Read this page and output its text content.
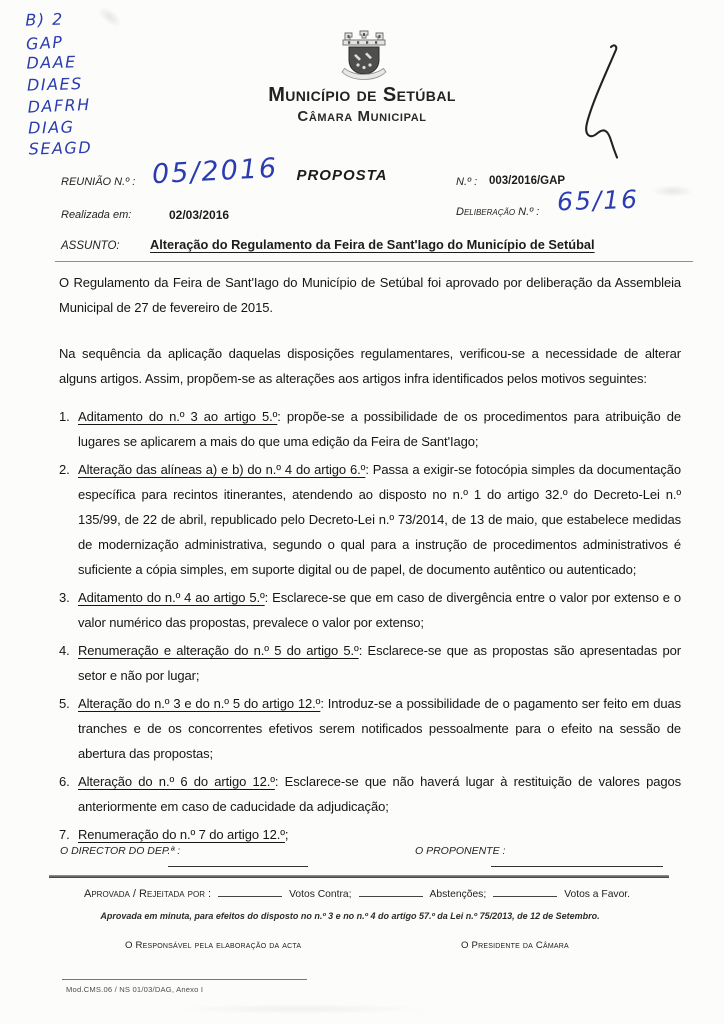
B) 2
GAP
DAAE
DIAES
DAFRH
DIAG
SEAGD
Município de Setúbal
Câmara Municipal
REUNIÃO N.º : 05/2016	PROPOSTA	N.º : 003/2016/GAP
Realizada em:	02/03/2016	Deliberação N.º : 65/16
ASSUNTO: Alteração do Regulamento da Feira de Sant'Iago do Município de Setúbal

O Regulamento da Feira de Sant'Iago do Município de Setúbal foi aprovado por deliberação da Assembleia Municipal de 27 de fevereiro de 2015.

Na sequência da aplicação daquelas disposições regulamentares, verificou-se a necessidade de alterar alguns artigos. Assim, propõem-se as alterações aos artigos infra identificados pelos motivos seguintes:

1. Aditamento do n.º 3 ao artigo 5.º: propõe-se a possibilidade de os procedimentos para atribuição de lugares se aplicarem a mais do que uma edição da Feira de Sant'Iago;
2. Alteração das alíneas a) e b) do n.º 4 do artigo 6.º: Passa a exigir-se fotocópia simples da documentação específica para recintos itinerantes, atendendo ao disposto no n.º 1 do artigo 32.º do Decreto-Lei n.º 135/99, de 22 de abril, republicado pelo Decreto-Lei n.º 73/2014, de 13 de maio, que estabelece medidas de modernização administrativa, segundo o qual para a instrução de procedimentos administrativos é suficiente a cópia simples, em suporte digital ou de papel, de documento autêntico ou autenticado;
3. Aditamento do n.º 4 ao artigo 5.º: Esclarece-se que em caso de divergência entre o valor por extenso e o valor numérico das propostas, prevalece o valor por extenso;
4. Renumeração e alteração do n.º 5 do artigo 5.º: Esclarece-se que as propostas são apresentadas por setor e não por lugar;
5. Alteração do n.º 3 e do n.º 5 do artigo 12.º: Introduz-se a possibilidade de o pagamento ser feito em duas tranches e de os concorrentes efetivos serem notificados pessoalmente para o efeito na sessão de abertura das propostas;
6. Alteração do n.º 6 do artigo 12.º: Esclarece-se que não haverá lugar à restituição de valores pagos anteriormente em caso de caducidade da adjudicação;
7. Renumeração do n.º 7 do artigo 12.º;
O DIRECTOR DO DEP.ª :	O PROPONENTE :
Aprovada / Rejeitada por :	Votos Contra;	Abstenções;	Votos a Favor.
Aprovada em minuta, para efeitos do disposto no n.º 3 e no n.º 4 do artigo 57.º da Lei n.º 75/2013, de 12 de Setembro.
O Responsável pela elaboração da acta	O Presidente da Câmara
Mod.CMS.06 / NS 01/03/DAG, Anexo I
